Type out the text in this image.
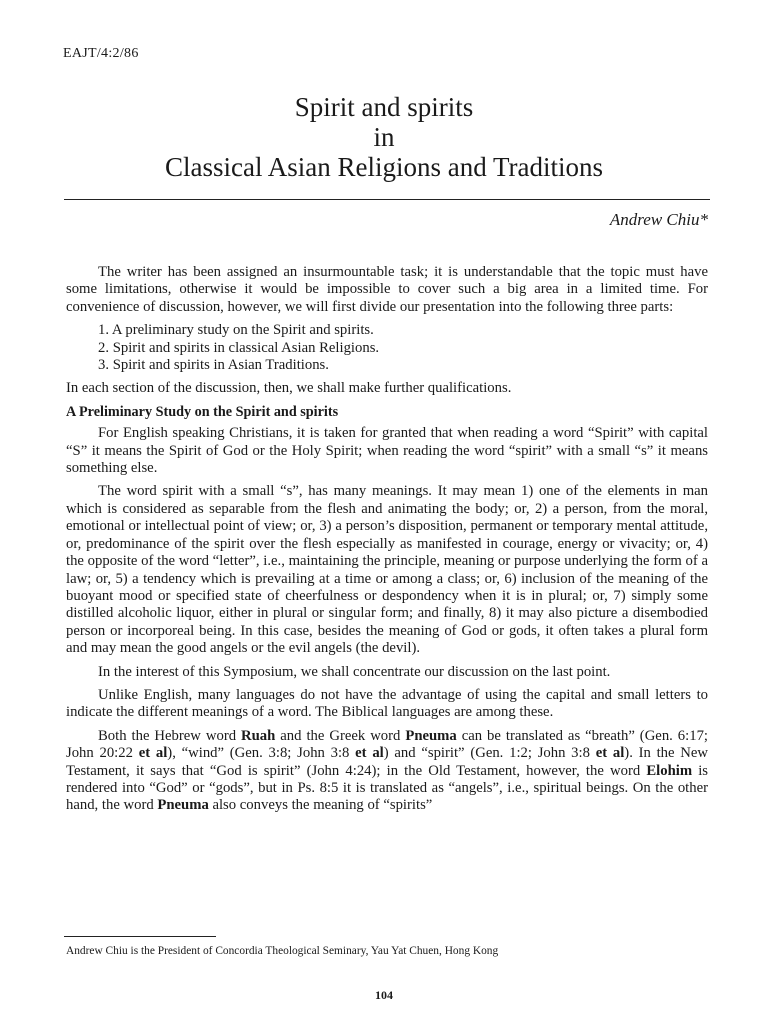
EAJT/4:2/86
Spirit and spirits
in
Classical Asian Religions and Traditions
Andrew Chiu*

The writer has been assigned an insurmountable task; it is understandable that the topic must have some limitations, otherwise it would be impossible to cover such a big area in a limited time. For convenience of discussion, however, we will first divide our presentation into the following three parts:

1. A preliminary study on the Spirit and spirits.
2. Spirit and spirits in classical Asian Religions.
3. Spirit and spirits in Asian Traditions.

In each section of the discussion, then, we shall make further qualifications.

A Preliminary Study on the Spirit and spirits

For English speaking Christians, it is taken for granted that when reading a word “Spirit” with capital “S” it means the Spirit of God or the Holy Spirit; when reading the word “spirit” with a small “s” it means something else.

The word spirit with a small “s”, has many meanings. It may mean 1) one of the elements in man which is considered as separable from the flesh and animating the body; or, 2) a person, from the moral, emotional or intellectual point of view; or, 3) a person’s disposition, permanent or temporary mental attitude, or, predominance of the spirit over the flesh especially as manifested in courage, energy or vivacity; or, 4) the opposite of the word “letter”, i.e., maintaining the principle, meaning or purpose underlying the form of a law; or, 5) a tendency which is prevailing at a time or among a class; or, 6) inclusion of the meaning of the buoyant mood or specified state of cheerfulness or despondency when it is in plural; or, 7) simply some distilled alcoholic liquor, either in plural or singular form; and finally, 8) it may also picture a disembodied person or incorporeal being. In this case, besides the meaning of God or gods, it often takes a plural form and may mean the good angels or the evil angels (the devil).

In the interest of this Symposium, we shall concentrate our discussion on the last point.

Unlike English, many languages do not have the advantage of using the capital and small letters to indicate the different meanings of a word. The Biblical languages are among these.

Both the Hebrew word Ruah and the Greek word Pneuma can be translated as “breath” (Gen. 6:17; John 20:22 et al), “wind” (Gen. 3:8; John 3:8 et al) and “spirit” (Gen. 1:2; John 3:8 et al). In the New Testament, it says that “God is spirit” (John 4:24); in the Old Testament, however, the word Elohim is rendered into “God” or “gods”, but in Ps. 8:5 it is translated as “angels”, i.e., spiritual beings. On the other hand, the word Pneuma also conveys the meaning of “spirits”

Andrew Chiu is the President of Concordia Theological Seminary, Yau Yat Chuen, Hong Kong
104
